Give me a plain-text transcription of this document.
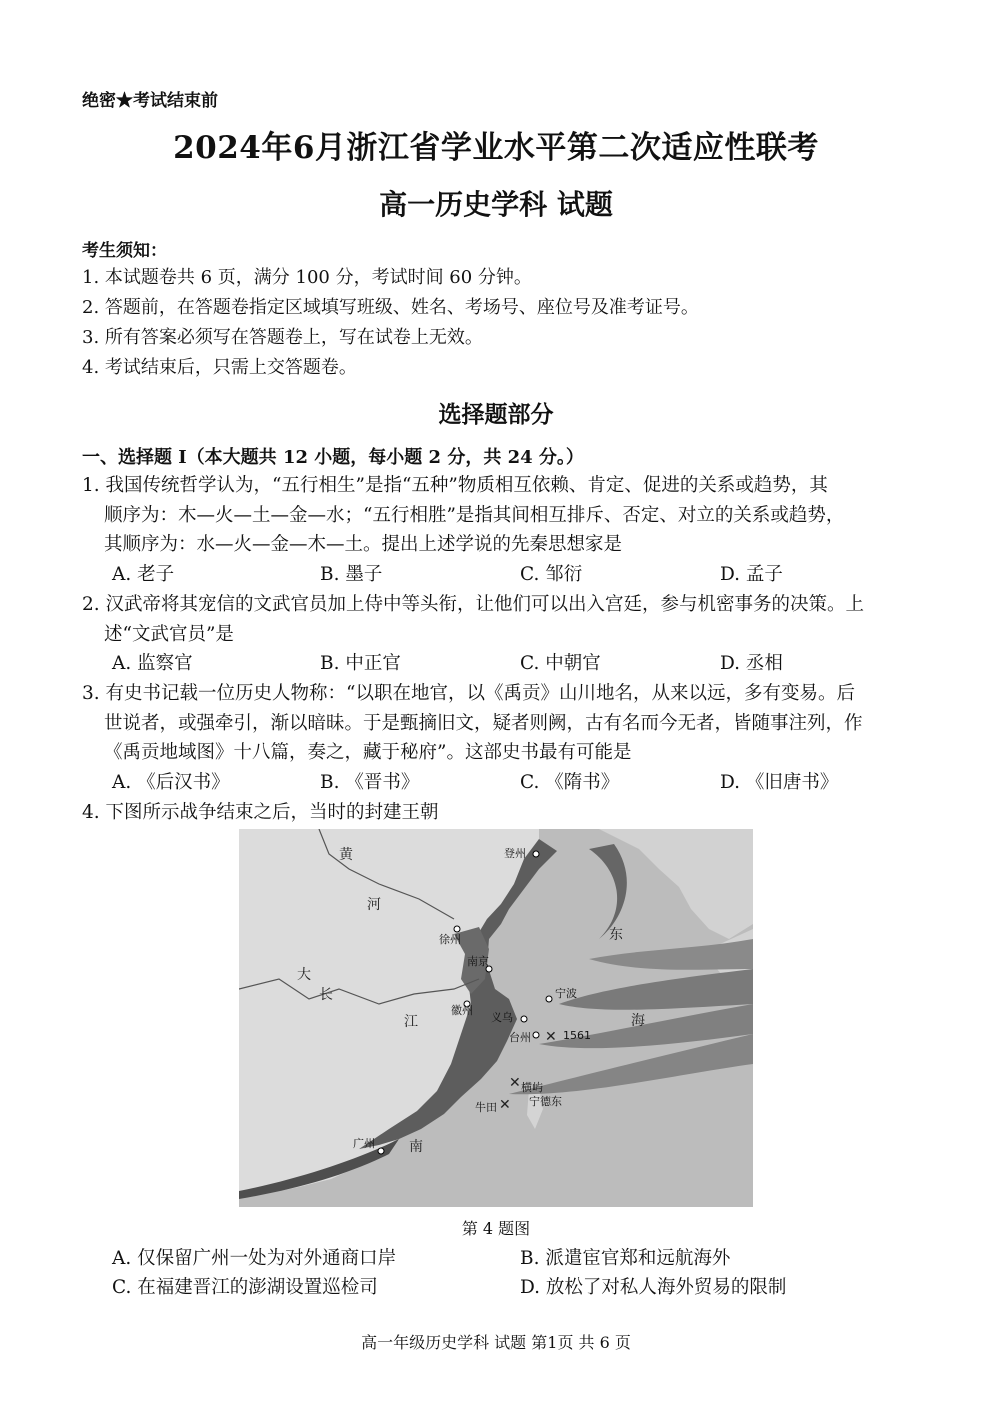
绝密★考试结束前
2024年6月浙江省学业水平第二次适应性联考
高一历史学科 试题
考生须知：
1. 本试题卷共 6 页，满分 100 分，考试时间 60 分钟。
2. 答题前，在答题卷指定区域填写班级、姓名、考场号、座位号及准考证号。
3. 所有答案必须写在答题卷上，写在试卷上无效。
4. 考试结束后，只需上交答题卷。
选择题部分
一、选择题 I（本大题共 12 小题，每小题 2 分，共 24 分。）
1. 我国传统哲学认为，“五行相生”是指“五种”物质相互依赖、肯定、促进的关系或趋势，其
顺序为：木—火—土—金—水；“五行相胜”是指其间相互排斥、否定、对立的关系或趋势，
其顺序为：水—火—金—木—土。提出上述学说的先秦思想家是
A. 老子	B. 墨子	C. 邹衍	D. 孟子
2. 汉武帝将其宠信的文武官员加上侍中等头衔，让他们可以出入宫廷，参与机密事务的决策。上
述“文武官员”是
A. 监察官	B. 中正官	C. 中朝官	D. 丞相
3. 有史书记载一位历史人物称：“以职在地官，以《禹贡》山川地名，从来以远，多有变易。后
世说者，或强牵引，渐以暗昧。于是甄摘旧文，疑者则阙，古有名而今无者，皆随事注列，作
《禹贡地域图》十八篇，奏之，藏于秘府”。这部史书最有可能是
A. 《后汉书》	B. 《晋书》	C. 《隋书》	D. 《旧唐书》
4. 下图所示战争结束之后，当时的封建王朝
✕
✕
✕
登州
徐州
南京
徽州
义乌
宁波
台州	1561
横屿
牛田	宁德东
广州
黄
河
大
长
江
东
海
南
第 4 题图
A. 仅保留广州一处为对外通商口岸	B. 派遣宦官郑和远航海外
C. 在福建晋江的澎湖设置巡检司	D. 放松了对私人海外贸易的限制
高一年级历史学科 试题 第1页 共 6 页
